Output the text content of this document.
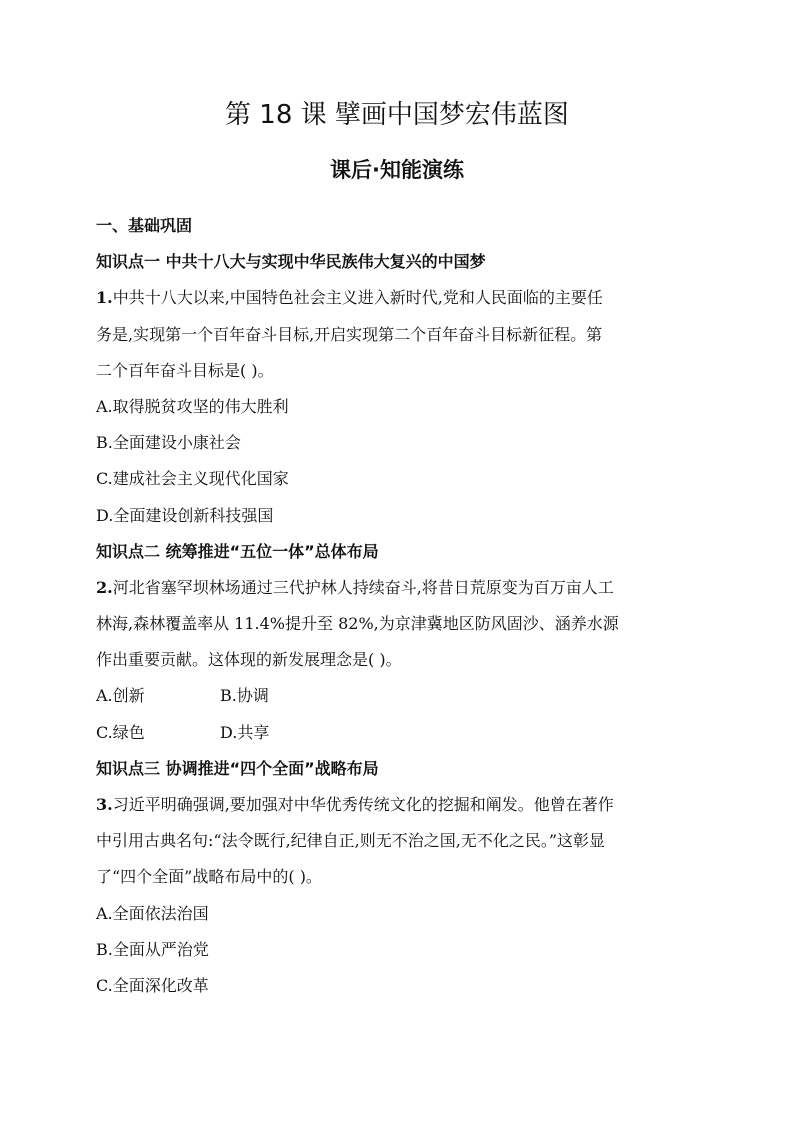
第 18 课 擘画中国梦宏伟蓝图
课后·知能演练
一、基础巩固
知识点一 中共十八大与实现中华民族伟大复兴的中国梦
1.中共十八大以来,中国特色社会主义进入新时代,党和人民面临的主要任
务是,实现第一个百年奋斗目标,开启实现第二个百年奋斗目标新征程。第
二个百年奋斗目标是( )。
A.取得脱贫攻坚的伟大胜利
B.全面建设小康社会
C.建成社会主义现代化国家
D.全面建设创新科技强国
知识点二 统筹推进“五位一体”总体布局
2.河北省塞罕坝林场通过三代护林人持续奋斗,将昔日荒原变为百万亩人工
林海,森林覆盖率从 11.4%提升至 82%,为京津冀地区防风固沙、涵养水源
作出重要贡献。这体现的新发展理念是( )。
A.创新	B.协调
C.绿色	D.共享
知识点三 协调推进“四个全面”战略布局
3.习近平明确强调,要加强对中华优秀传统文化的挖掘和阐发。他曾在著作
中引用古典名句:“法令既行,纪律自正,则无不治之国,无不化之民。”这彰显
了“四个全面”战略布局中的( )。
A.全面依法治国
B.全面从严治党
C.全面深化改革
